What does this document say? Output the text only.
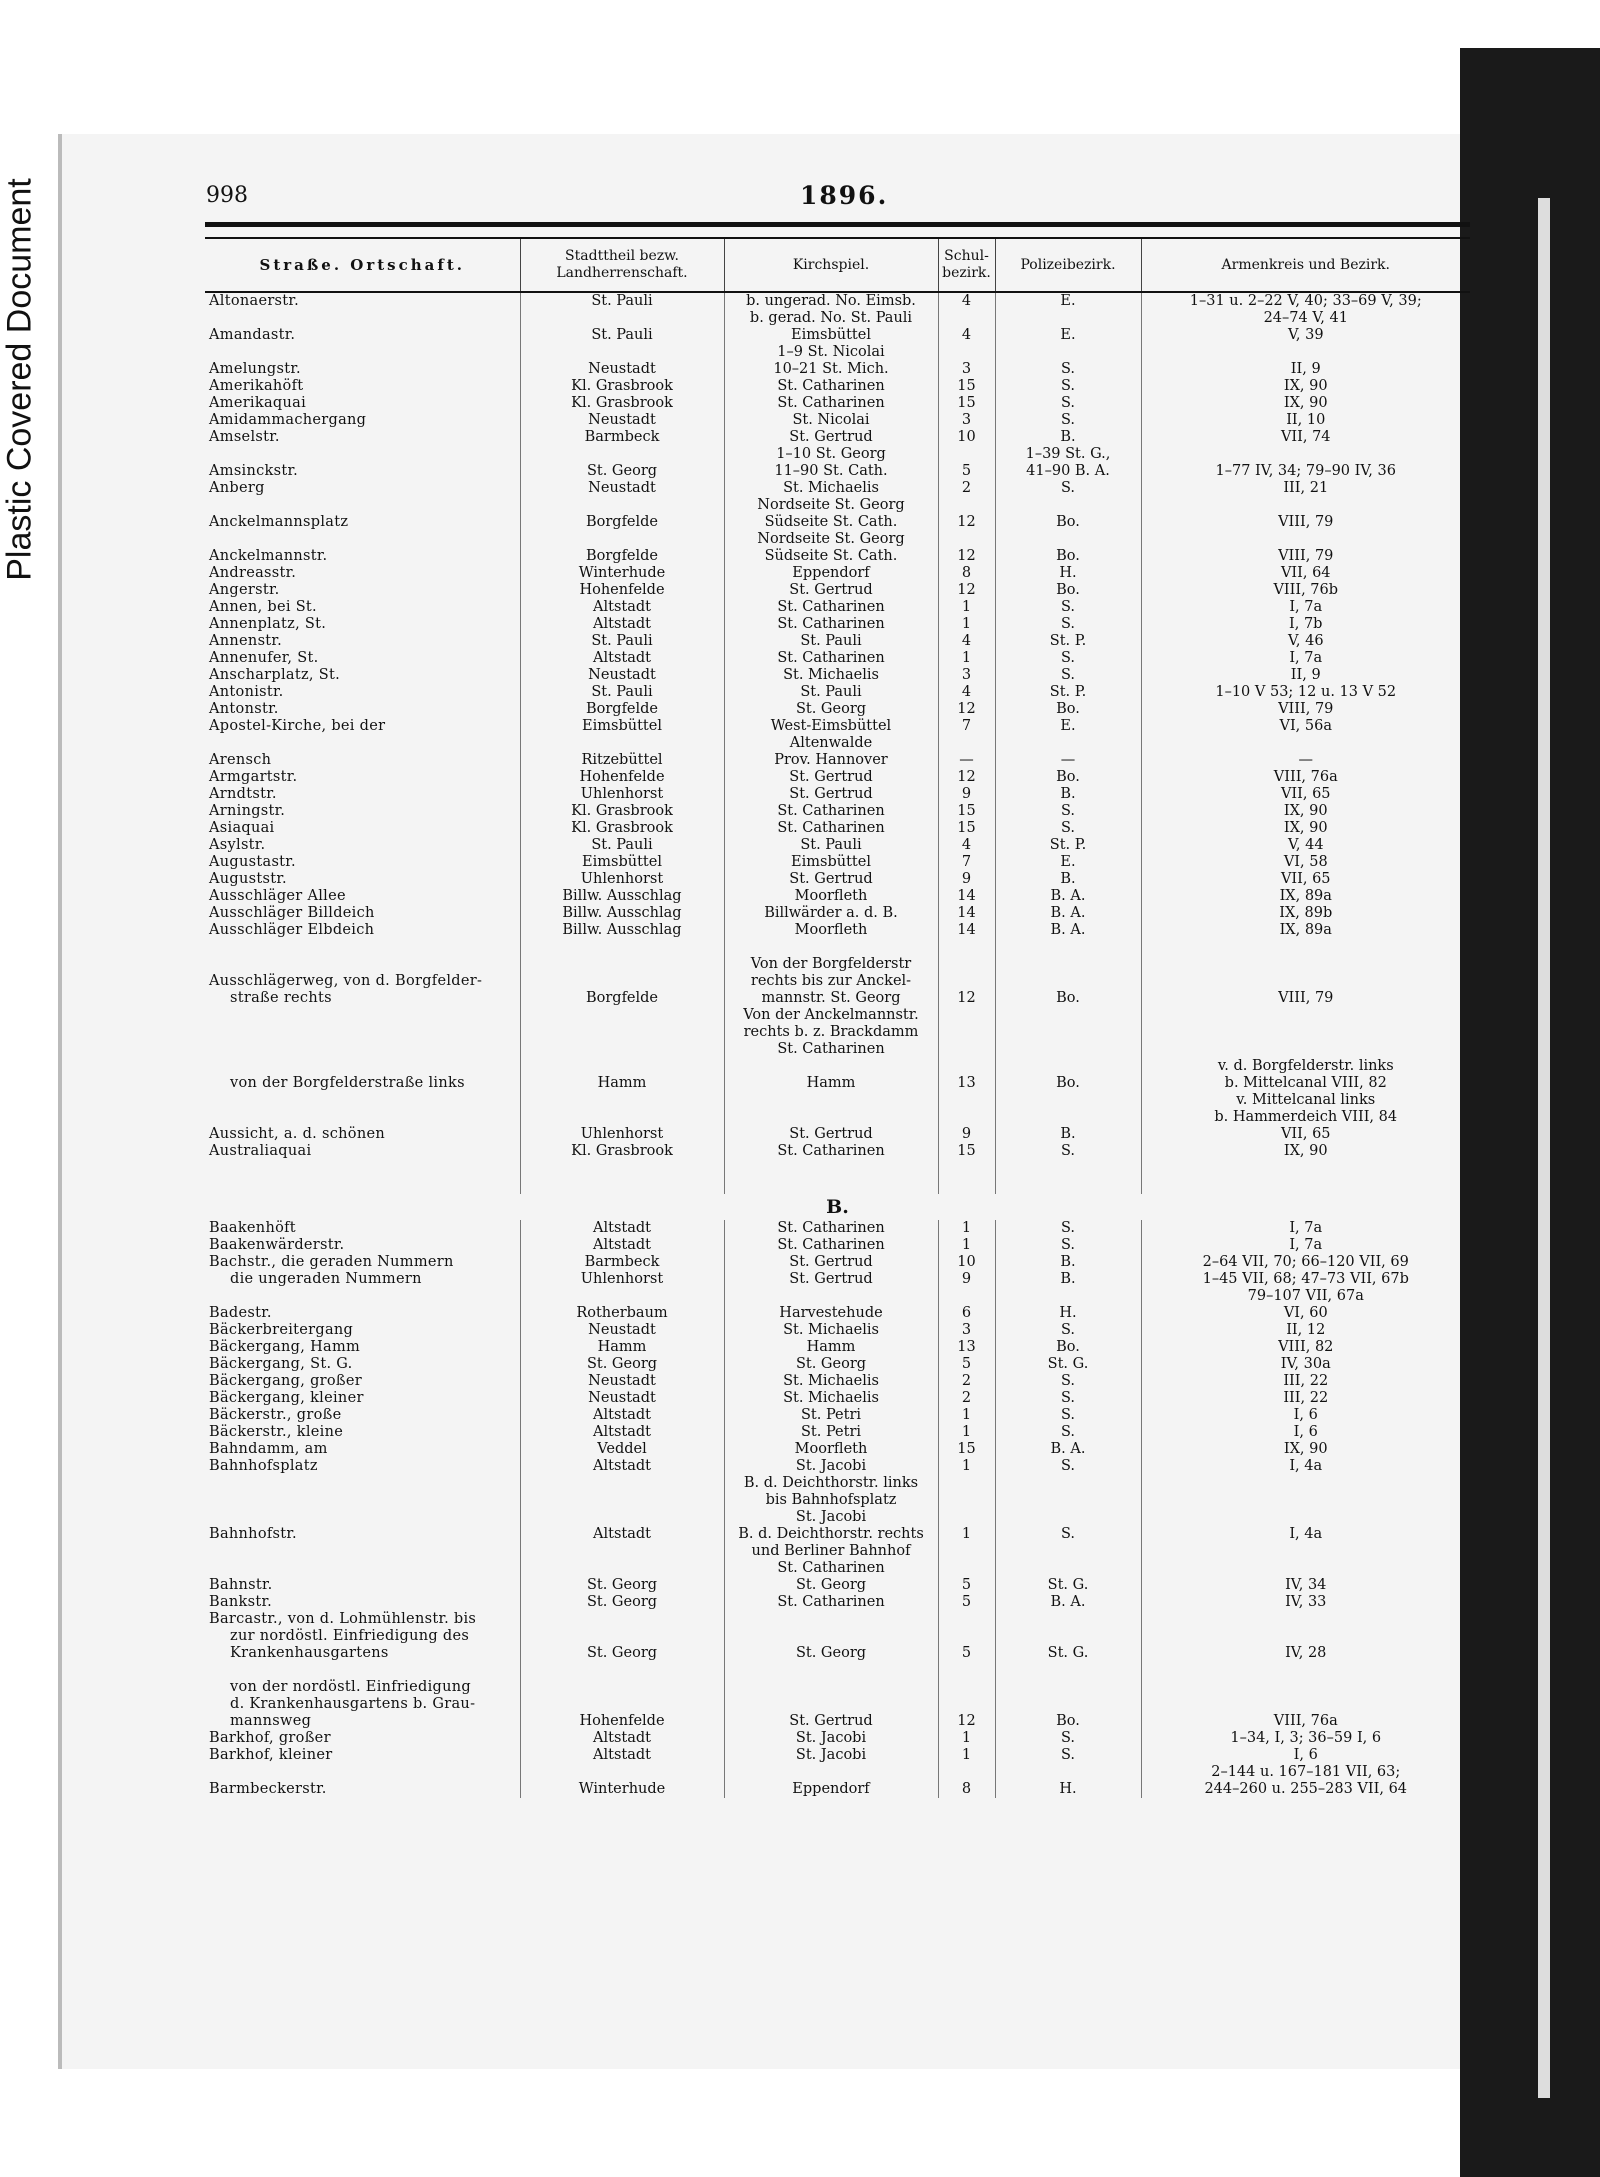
Plastic Covered Document	998	1896.
Straße. Ortschaft.	Stadttheil bezw. Landherrenschaft.	Kirchspiel.	Schul- bezirk.	Polizeibezirk.	Armenkreis und Bezirk.
Altonaerstr.	St. Pauli	b. ungerad. No. Eimsb.	4	E.	1–31 u. 2–22 V, 40; 33–69 V, 39;
		b. gerad. No. St. Pauli			24–74 V, 41
Amandastr.	St. Pauli	Eimsbüttel	4	E.	V, 39
		1–9 St. Nicolai			
Amelungstr.	Neustadt	10–21 St. Mich.	3	S.	II, 9
Amerikahöft	Kl. Grasbrook	St. Catharinen	15	S.	IX, 90
Amerikaquai	Kl. Grasbrook	St. Catharinen	15	S.	IX, 90
Amidammachergang	Neustadt	St. Nicolai	3	S.	II, 10
Amselstr.	Barmbeck	St. Gertrud	10	B.	VII, 74
		1–10 St. Georg		1–39 St. G.,	
Amsinckstr.	St. Georg	11–90 St. Cath.	5	41–90 B. A.	1–77 IV, 34; 79–90 IV, 36
Anberg	Neustadt	St. Michaelis	2	S.	III, 21
		Nordseite St. Georg			
Anckelmannsplatz	Borgfelde	Südseite St. Cath.	12	Bo.	VIII, 79
		Nordseite St. Georg			
Anckelmannstr.	Borgfelde	Südseite St. Cath.	12	Bo.	VIII, 79
Andreasstr.	Winterhude	Eppendorf	8	H.	VII, 64
Angerstr.	Hohenfelde	St. Gertrud	12	Bo.	VIII, 76b
Annen, bei St.	Altstadt	St. Catharinen	1	S.	I, 7a
Annenplatz, St.	Altstadt	St. Catharinen	1	S.	I, 7b
Annenstr.	St. Pauli	St. Pauli	4	St. P.	V, 46
Annenufer, St.	Altstadt	St. Catharinen	1	S.	I, 7a
Anscharplatz, St.	Neustadt	St. Michaelis	3	S.	II, 9
Antonistr.	St. Pauli	St. Pauli	4	St. P.	1–10 V 53; 12 u. 13 V 52
Antonstr.	Borgfelde	St. Georg	12	Bo.	VIII, 79
Apostel-Kirche, bei der	Eimsbüttel	West-Eimsbüttel	7	E.	VI, 56a
		Altenwalde			
Arensch	Ritzebüttel	Prov. Hannover	—	—	—
Armgartstr.	Hohenfelde	St. Gertrud	12	Bo.	VIII, 76a
Arndtstr.	Uhlenhorst	St. Gertrud	9	B.	VII, 65
Arningstr.	Kl. Grasbrook	St. Catharinen	15	S.	IX, 90
Asiaquai	Kl. Grasbrook	St. Catharinen	15	S.	IX, 90
Asylstr.	St. Pauli	St. Pauli	4	St. P.	V, 44
Augustastr.	Eimsbüttel	Eimsbüttel	7	E.	VI, 58
Auguststr.	Uhlenhorst	St. Gertrud	9	B.	VII, 65
Ausschläger Allee	Billw. Ausschlag	Moorfleth	14	B. A.	IX, 89a
Ausschläger Billdeich	Billw. Ausschlag	Billwärder a. d. B.	14	B. A.	IX, 89b
Ausschläger Elbdeich	Billw. Ausschlag	Moorfleth	14	B. A.	IX, 89a

		Von der Borgfelderstr			
Ausschlägerweg, von d. Borgfelder-		rechts bis zur Anckel-			
straße rechts	Borgfelde	mannstr. St. Georg	12	Bo.	VIII, 79
		Von der Anckelmannstr.			
		rechts b. z. Brackdamm			
		St. Catharinen			
					v. d. Borgfelderstr. links
von der Borgfelderstraße links	Hamm	Hamm	13	Bo.	b. Mittelcanal VIII, 82
					v. Mittelcanal links
					b. Hammerdeich VIII, 84
Aussicht, a. d. schönen	Uhlenhorst	St. Gertrud	9	B.	VII, 65
Australiaquai	Kl. Grasbrook	St. Catharinen	15	S.	IX, 90

B.					
Baakenhöft	Altstadt	St. Catharinen	1	S.	I, 7a
Baakenwärderstr.	Altstadt	St. Catharinen	1	S.	I, 7a
Bachstr., die geraden Nummern	Barmbeck	St. Gertrud	10	B.	2–64 VII, 70; 66–120 VII, 69
die ungeraden Nummern	Uhlenhorst	St. Gertrud	9	B.	1–45 VII, 68; 47–73 VII, 67b
					79–107 VII, 67a
Badestr.	Rotherbaum	Harvestehude	6	H.	VI, 60
Bäckerbreitergang	Neustadt	St. Michaelis	3	S.	II, 12
Bäckergang, Hamm	Hamm	Hamm	13	Bo.	VIII, 82
Bäckergang, St. G.	St. Georg	St. Georg	5	St. G.	IV, 30a
Bäckergang, großer	Neustadt	St. Michaelis	2	S.	III, 22
Bäckergang, kleiner	Neustadt	St. Michaelis	2	S.	III, 22
Bäckerstr., große	Altstadt	St. Petri	1	S.	I, 6
Bäckerstr., kleine	Altstadt	St. Petri	1	S.	I, 6
Bahndamm, am	Veddel	Moorfleth	15	B. A.	IX, 90
Bahnhofsplatz	Altstadt	St. Jacobi	1	S.	I, 4a
		B. d. Deichthorstr. links			
		bis Bahnhofsplatz			
		St. Jacobi			
Bahnhofstr.	Altstadt	B. d. Deichthorstr. rechts	1	S.	I, 4a
		und Berliner Bahnhof			
		St. Catharinen			
Bahnstr.	St. Georg	St. Georg	5	St. G.	IV, 34
Bankstr.	St. Georg	St. Catharinen	5	B. A.	IV, 33
Barcastr., von d. Lohmühlenstr. bis					
zur nordöstl. Einfriedigung des					
Krankenhausgartens	St. Georg	St. Georg	5	St. G.	IV, 28

von der nordöstl. Einfriedigung					
d. Krankenhausgartens b. Grau-					
mannsweg	Hohenfelde	St. Gertrud	12	Bo.	VIII, 76a
Barkhof, großer	Altstadt	St. Jacobi	1	S.	1–34, I, 3; 36–59 I, 6
Barkhof, kleiner	Altstadt	St. Jacobi	1	S.	I, 6
					2–144 u. 167–181 VII, 63;
Barmbeckerstr.	Winterhude	Eppendorf	8	H.	244–260 u. 255–283 VII, 64
